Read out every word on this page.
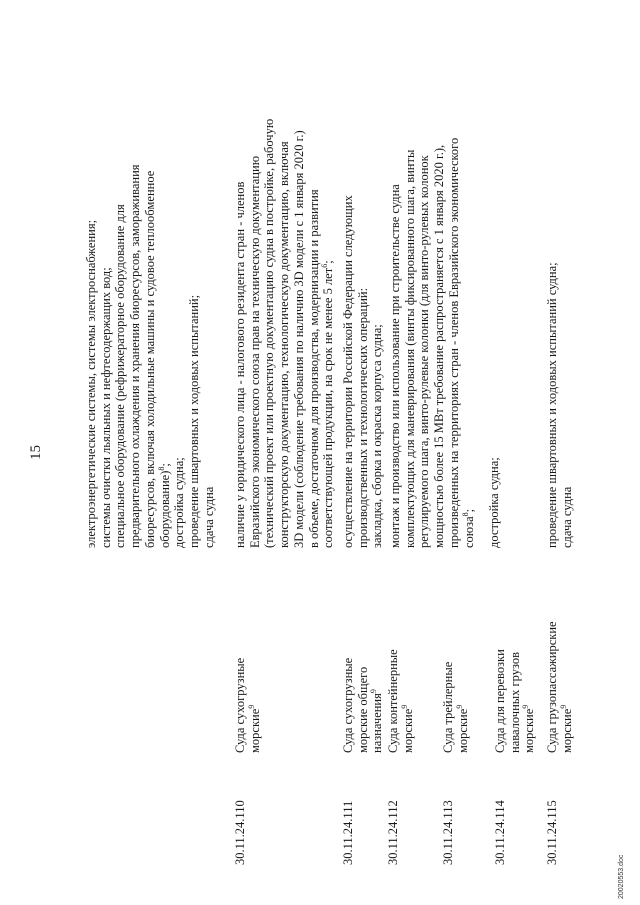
15	электроэнергетические системы, системы электроснабжения; системы очистки льяльных и нефтесодержащих вод; специальное оборудование (рефрижераторное оборудование для предварительного охлаждения и хранения биоресурсов, замораживания биоресурсов, включая холодильные машины и судовое теплообменное оборудование)$^8$; достройка судна; проведение швартовных и ходовых испытаний; сдача судна
30.11.24.110
Суда сухогрузные морские$^9$
наличие у юридического лица - налогового резидента стран - членов Евразийского экономического союза прав на техническую документацию (технический проект или проектную документацию судна в постройке, рабочую конструкторскую документацию, технологическую документацию, включая 3D модели (соблюдение требования по наличию 3D модели с 1 января 2020 г.) в объеме, достаточном для производства, модернизации и развития соответствующей продукции, на срок не менее 5 лет$^6$;
30.11.24.111
Суда сухогрузные морские общего назначения$^9$
осуществление на территории Российской Федерации следующих производственных и технологических операций: закладка, сборка и окраска корпуса судна;
30.11.24.112
Суда контейнерные морские$^9$
монтаж и производство или использование при строительстве судна комплектующих для маневрирования (винты фиксированного шага, винты регулируемого шага, винто-рулевые колонки (для винто-рулевых колонок мощностью более 15 МВт требование распространяется с 1 января 2020 г.), произведенных на территориях стран - членов Евразийского экономического союза$^8$;
30.11.24.113
Суда трейлерные морские$^9$
30.11.24.114
Суда для перевозки навалочных грузов морские$^9$
достройка судна;
30.11.24.115
Суда грузопассажирские морские$^9$
проведение швартовных и ходовых испытаний судна; сдача судна
20020553.doc
